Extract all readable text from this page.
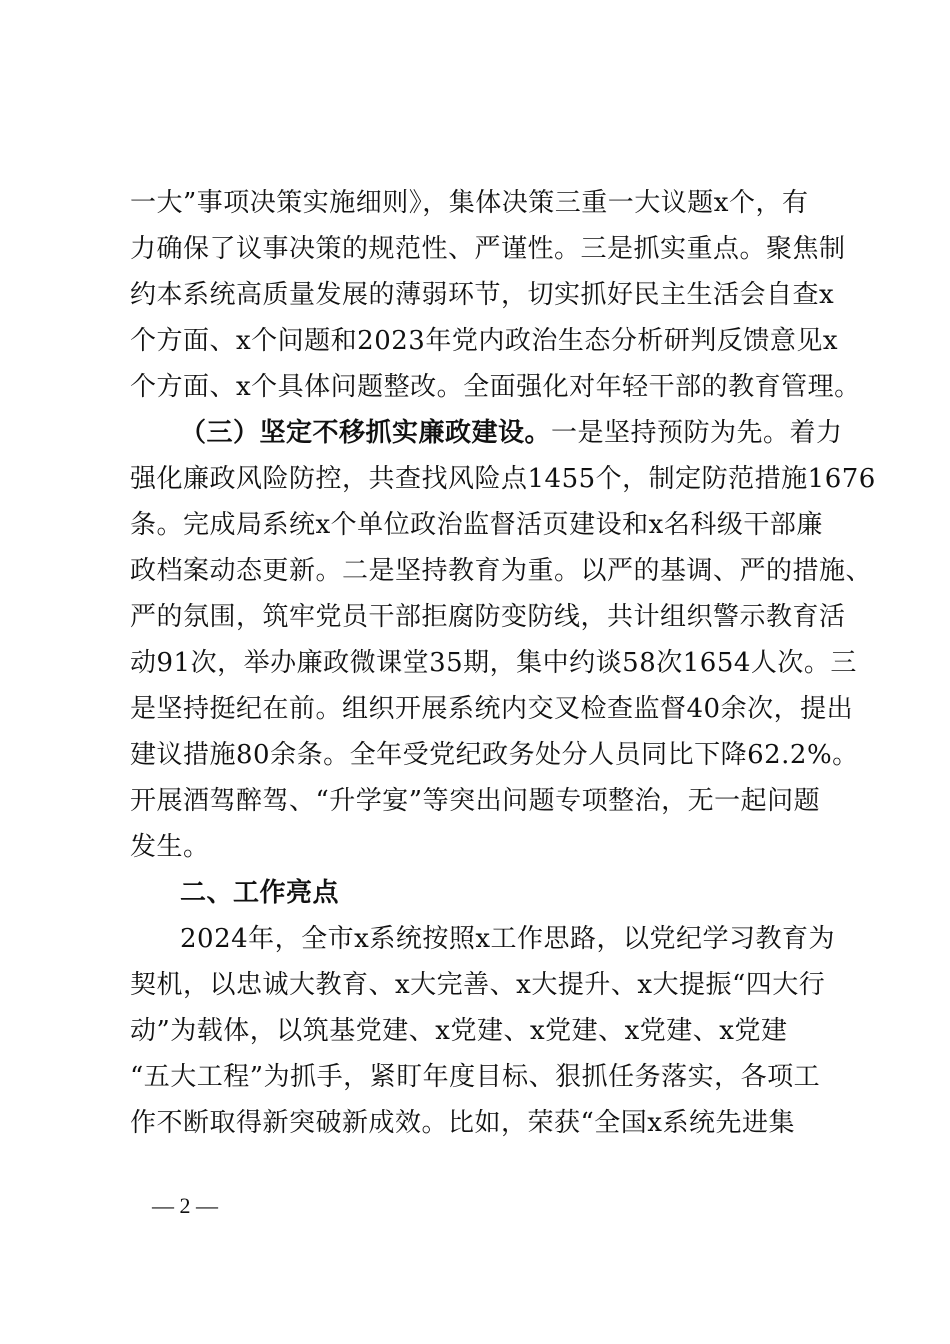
一大”事项决策实施细则》，集体决策三重一大议题x个，有
力确保了议事决策的规范性、严谨性。三是抓实重点。聚焦制
约本系统高质量发展的薄弱环节，切实抓好民主生活会自查x
个方面、x个问题和2023年党内政治生态分析研判反馈意见x
个方面、x个具体问题整改。全面强化对年轻干部的教育管理。
（三）坚定不移抓实廉政建设。一是坚持预防为先。着力
强化廉政风险防控，共查找风险点1455个，制定防范措施1676
条。完成局系统x个单位政治监督活页建设和x名科级干部廉
政档案动态更新。二是坚持教育为重。以严的基调、严的措施、
严的氛围，筑牢党员干部拒腐防变防线，共计组织警示教育活
动91次，举办廉政微课堂35期，集中约谈58次1654人次。三
是坚持挺纪在前。组织开展系统内交叉检查监督40余次，提出
建议措施80余条。全年受党纪政务处分人员同比下降62.2%。
开展酒驾醉驾、“升学宴”等突出问题专项整治，无一起问题
发生。
二、工作亮点
2024年，全市x系统按照x工作思路，以党纪学习教育为
契机，以忠诚大教育、x大完善、x大提升、x大提振“四大行
动”为载体，以筑基党建、x党建、x党建、x党建、x党建
“五大工程”为抓手，紧盯年度目标、狠抓任务落实，各项工
作不断取得新突破新成效。比如，荣获“全国x系统先进集
— 2 —
